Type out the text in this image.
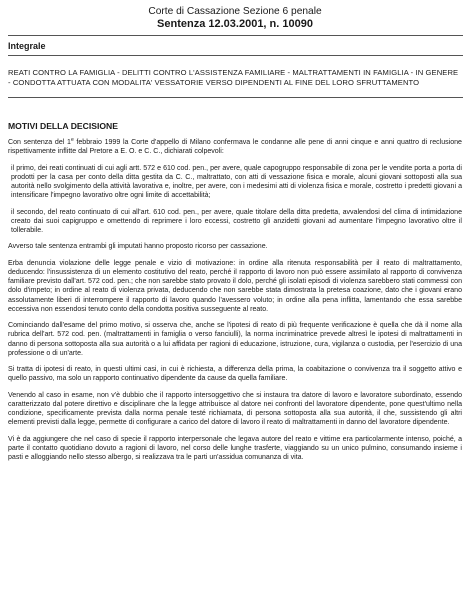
Corte di Cassazione Sezione 6 penale
Sentenza 12.03.2001, n. 10090
Integrale
REATI CONTRO LA FAMIGLIA - DELITTI CONTRO L'ASSISTENZA FAMILIARE - MALTRATTAMENTI IN FAMIGLIA - IN GENERE - CONDOTTA ATTUATA CON MODALITA' VESSATORIE VERSO DIPENDENTI AL FINE DEL LORO SFRUTTAMENTO
MOTIVI DELLA DECISIONE

Con sentenza del 1e febbraio 1999 la Corte d'appello di Milano confermava le condanne alle pene di anni cinque e anni quattro di reclusione rispettivamente inflitte dal Pretore a E. O. e C. C., dichiarati colpevoli:

il primo, dei reati continuati di cui agli artt. 572 e 610 cod. pen., per avere, quale capogruppo responsabile di zona per le vendite porta a porta di prodotti per la casa per conto della ditta gestita da C. C., maltrattato, con atti di vessazione fisica e morale, alcuni giovani sottoposti alla sua autorità nello svolgimento della attività lavorativa e, inoltre, per avere, con i medesimi atti di violenza fisica e morale, costretto i predetti giovani a intensificare l'impegno lavorativo oltre ogni limite di accettabilità;

il secondo, del reato continuato di cui all'art. 610 cod. pen., per avere, quale titolare della ditta predetta, avvalendosi del clima di intimidazione creato dai suoi capigruppo e omettendo di reprimere i loro eccessi, costretto gli anzidetti giovani ad aumentare l'impegno lavorativo oltre il tollerabile.

Avverso tale sentenza entrambi gli imputati hanno proposto ricorso per cassazione.

Erba denuncia violazione delle legge penale e vizio di motivazione: in ordine alla ritenuta responsabilità per il reato di maltrattamento, deducendo: l'insussistenza di un elemento costitutivo del reato, perché il rapporto di lavoro non può essere assimilato al rapporto di convivenza familiare previsto dall'art. 572 cod. pen.; che non sarebbe stato provato il dolo, perché gli isolati episodi di violenza sarebbero stati commessi con dolo d'impeto; in ordine al reato di violenza privata, deducendo che non sarebbe stata dimostrata la pretesa coazione, dato che i giovani erano assolutamente liberi di interrompere il rapporto di lavoro quando l'avessero voluto; in ordine alla pena inflitta, lamentando che essa sarebbe eccessiva non essendosi tenuto conto della condotta positiva susseguente al reato.

Cominciando dall'esame del primo motivo, si osserva che, anche se l'ipotesi di reato di più frequente verificazione è quella che dà il nome alla rubrica dell'art. 572 cod. pen. (maltrattamenti in famiglia o verso fanciulli), la norma incriminatrice prevede altresì le ipotesi di maltrattamenti in danno di persona sottoposta alla sua autorità o a lui affidata per ragioni di educazione, istruzione, cura, vigilanza o custodia, per l'esercizio di una professione o di un'arte.

Si tratta di ipotesi di reato, in questi ultimi casi, in cui è richiesta, a differenza della prima, la coabitazione o convivenza tra il soggetto attivo e quello passivo, ma solo un rapporto continuativo dipendente da cause da quella familiare.

Venendo al caso in esame, non v'è dubbio che il rapporto intersoggettivo che si instaura tra datore di lavoro e lavoratore subordinato, essendo caratterizzato dal potere direttivo e disciplinare che la legge attribuisce al datore nei confronti del lavoratore dipendente, pone quest'ultimo nella condizione, specificamente prevista dalla norma penale testé richiamata, di persona sottoposta alla sua autorità, il che, sussistendo gli altri elementi previsti dalla legge, permette di configurare a carico del datore di lavoro il reato di maltrattamenti in danno del lavoratore dipendente.

Vi è da aggiungere che nel caso di specie il rapporto interpersonale che legava autore del reato e vittime era particolarmente intenso, poiché, a parte il contatto quotidiano dovuto a ragioni di lavoro, nel corso delle lunghe trasferte, viaggiando su un unico pulmino, consumando insieme i pasti e alloggiando nello stesso albergo, si realizzava tra le parti un'assidua comunanza di vita.
